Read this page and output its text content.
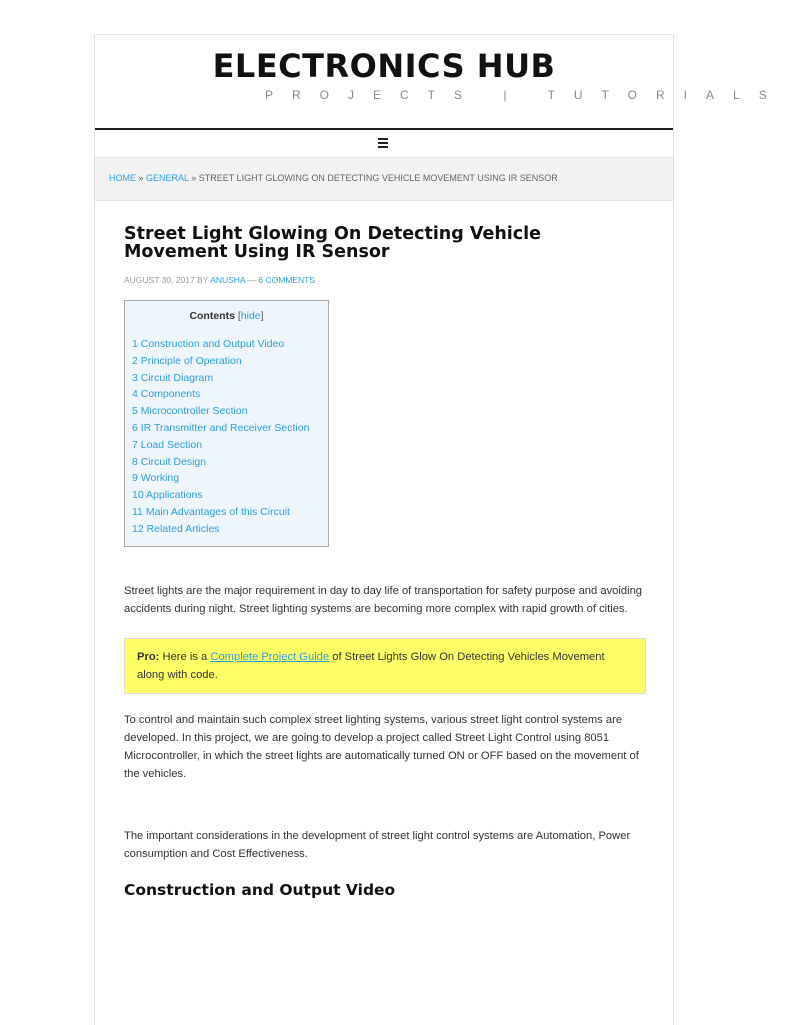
ELECTRONICS HUB
PROJECTS | TUTORIALS
HOME » GENERAL » STREET LIGHT GLOWING ON DETECTING VEHICLE MOVEMENT USING IR SENSOR
Street Light Glowing On Detecting Vehicle Movement Using IR Sensor
AUGUST 30, 2017 BY ANUSHA — 6 COMMENTS
Contents [hide]
1 Construction and Output Video
2 Principle of Operation
3 Circuit Diagram
4 Components
5 Microcontroller Section
6 IR Transmitter and Receiver Section
7 Load Section
8 Circuit Design
9 Working
10 Applications
11 Main Advantages of this Circuit
12 Related Articles

Street lights are the major requirement in day to day life of transportation for safety purpose and avoiding accidents during night. Street lighting systems are becoming more complex with rapid growth of cities.

Pro: Here is a Complete Project Guide of Street Lights Glow On Detecting Vehicles Movement along with code.

To control and maintain such complex street lighting systems, various street light control systems are developed. In this project, we are going to develop a project called Street Light Control using 8051 Microcontroller, in which the street lights are automatically turned ON or OFF based on the movement of the vehicles.

The important considerations in the development of street light control systems are Automation, Power consumption and Cost Effectiveness.

Construction and Output Video
